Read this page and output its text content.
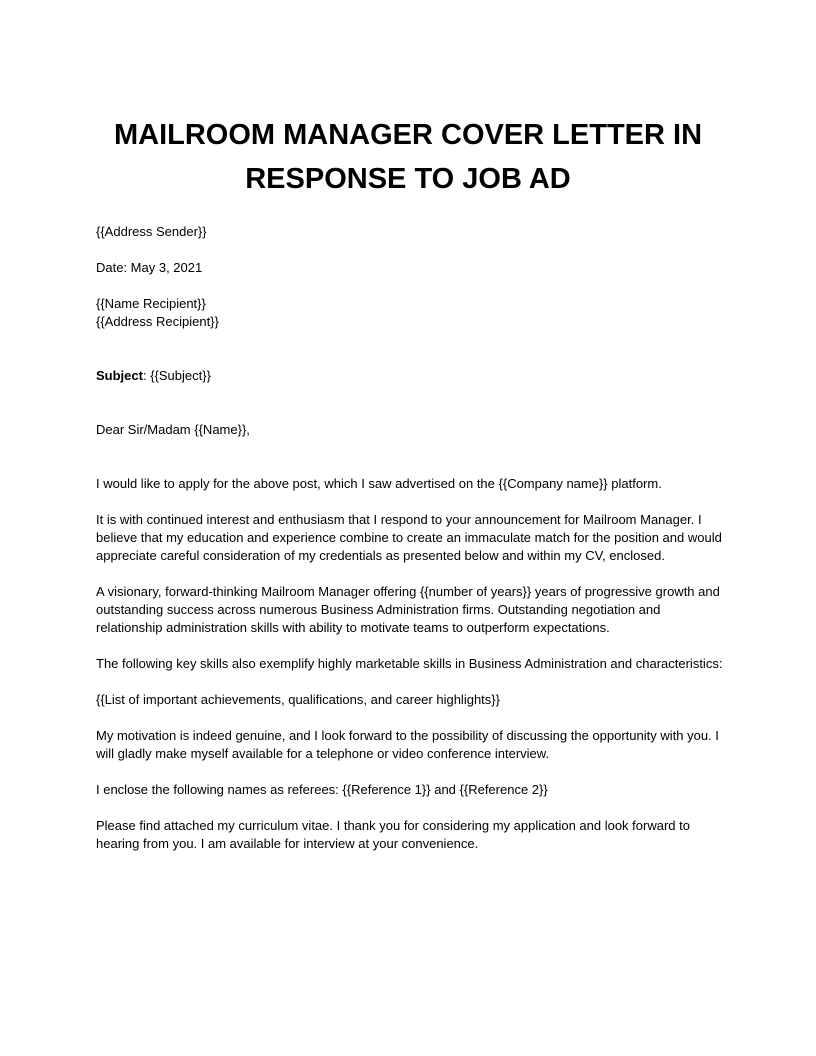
MAILROOM MANAGER COVER LETTER IN RESPONSE TO JOB AD
{{Address Sender}}
Date: May 3, 2021
{{Name Recipient}}
{{Address Recipient}}
Subject: {{Subject}}
Dear Sir/Madam {{Name}},
I would like to apply for the above post, which I saw advertised on the {{Company name}} platform.
It is with continued interest and enthusiasm that I respond to your announcement for Mailroom Manager. I believe that my education and experience combine to create an immaculate match for the position and would appreciate careful consideration of my credentials as presented below and within my CV, enclosed.
A visionary, forward-thinking Mailroom Manager offering {{number of years}} years of progressive growth and outstanding success across numerous Business Administration firms. Outstanding negotiation and relationship administration skills with ability to motivate teams to outperform expectations.
The following key skills also exemplify highly marketable skills in Business Administration and characteristics:
{{List of important achievements, qualifications, and career highlights}}
My motivation is indeed genuine, and I look forward to the possibility of discussing the opportunity with you. I will gladly make myself available for a telephone or video conference interview.
I enclose the following names as referees: {{Reference 1}} and {{Reference 2}}
Please find attached my curriculum vitae. I thank you for considering my application and look forward to hearing from you. I am available for interview at your convenience.
